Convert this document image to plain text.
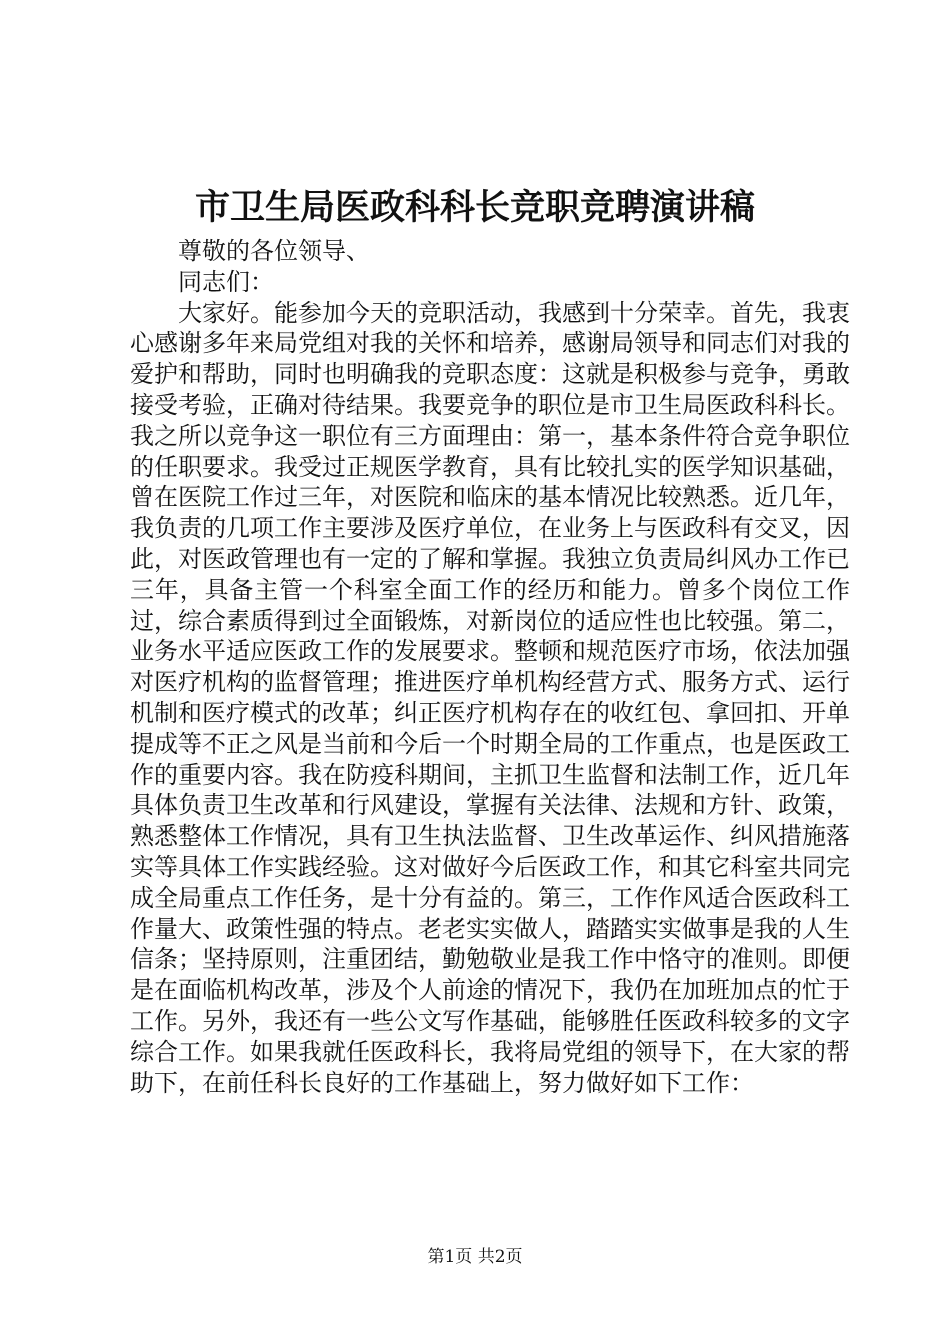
市卫生局医政科科长竞职竞聘演讲稿

尊敬的各位领导、

同志们：

大家好。能参加今天的竞职活动，我感到十分荣幸。首先，我衷心感谢多年来局党组对我的关怀和培养，感谢局领导和同志们对我的爱护和帮助，同时也明确我的竞职态度：这就是积极参与竞争，勇敢接受考验，正确对待结果。我要竞争的职位是市卫生局医政科科长。我之所以竞争这一职位有三方面理由：第一，基本条件符合竞争职位的任职要求。我受过正规医学教育，具有比较扎实的医学知识基础，曾在医院工作过三年，对医院和临床的基本情况比较熟悉。近几年，我负责的几项工作主要涉及医疗单位，在业务上与医政科有交叉，因此，对医政管理也有一定的了解和掌握。我独立负责局纠风办工作已三年，具备主管一个科室全面工作的经历和能力。曾多个岗位工作过，综合素质得到过全面锻炼，对新岗位的适应性也比较强。第二，业务水平适应医政工作的发展要求。整顿和规范医疗市场，依法加强对医疗机构的监督管理；推进医疗单机构经营方式、服务方式、运行机制和医疗模式的改革；纠正医疗机构存在的收红包、拿回扣、开单提成等不正之风是当前和今后一个时期全局的工作重点，也是医政工作的重要内容。我在防疫科期间，主抓卫生监督和法制工作，近几年具体负责卫生改革和行风建设，掌握有关法律、法规和方针、政策，熟悉整体工作情况，具有卫生执法监督、卫生改革运作、纠风措施落实等具体工作实践经验。这对做好今后医政工作，和其它科室共同完成全局重点工作任务，是十分有益的。第三，工作作风适合医政科工作量大、政策性强的特点。老老实实做人，踏踏实实做事是我的人生信条；坚持原则，注重团结，勤勉敬业是我工作中恪守的准则。即便是在面临机构改革，涉及个人前途的情况下，我仍在加班加点的忙于工作。另外，我还有一些公文写作基础，能够胜任医政科较多的文字综合工作。如果我就任医政科长，我将局党组的领导下，在大家的帮助下，在前任科长良好的工作基础上，努力做好如下工作：

第1页 共2页
